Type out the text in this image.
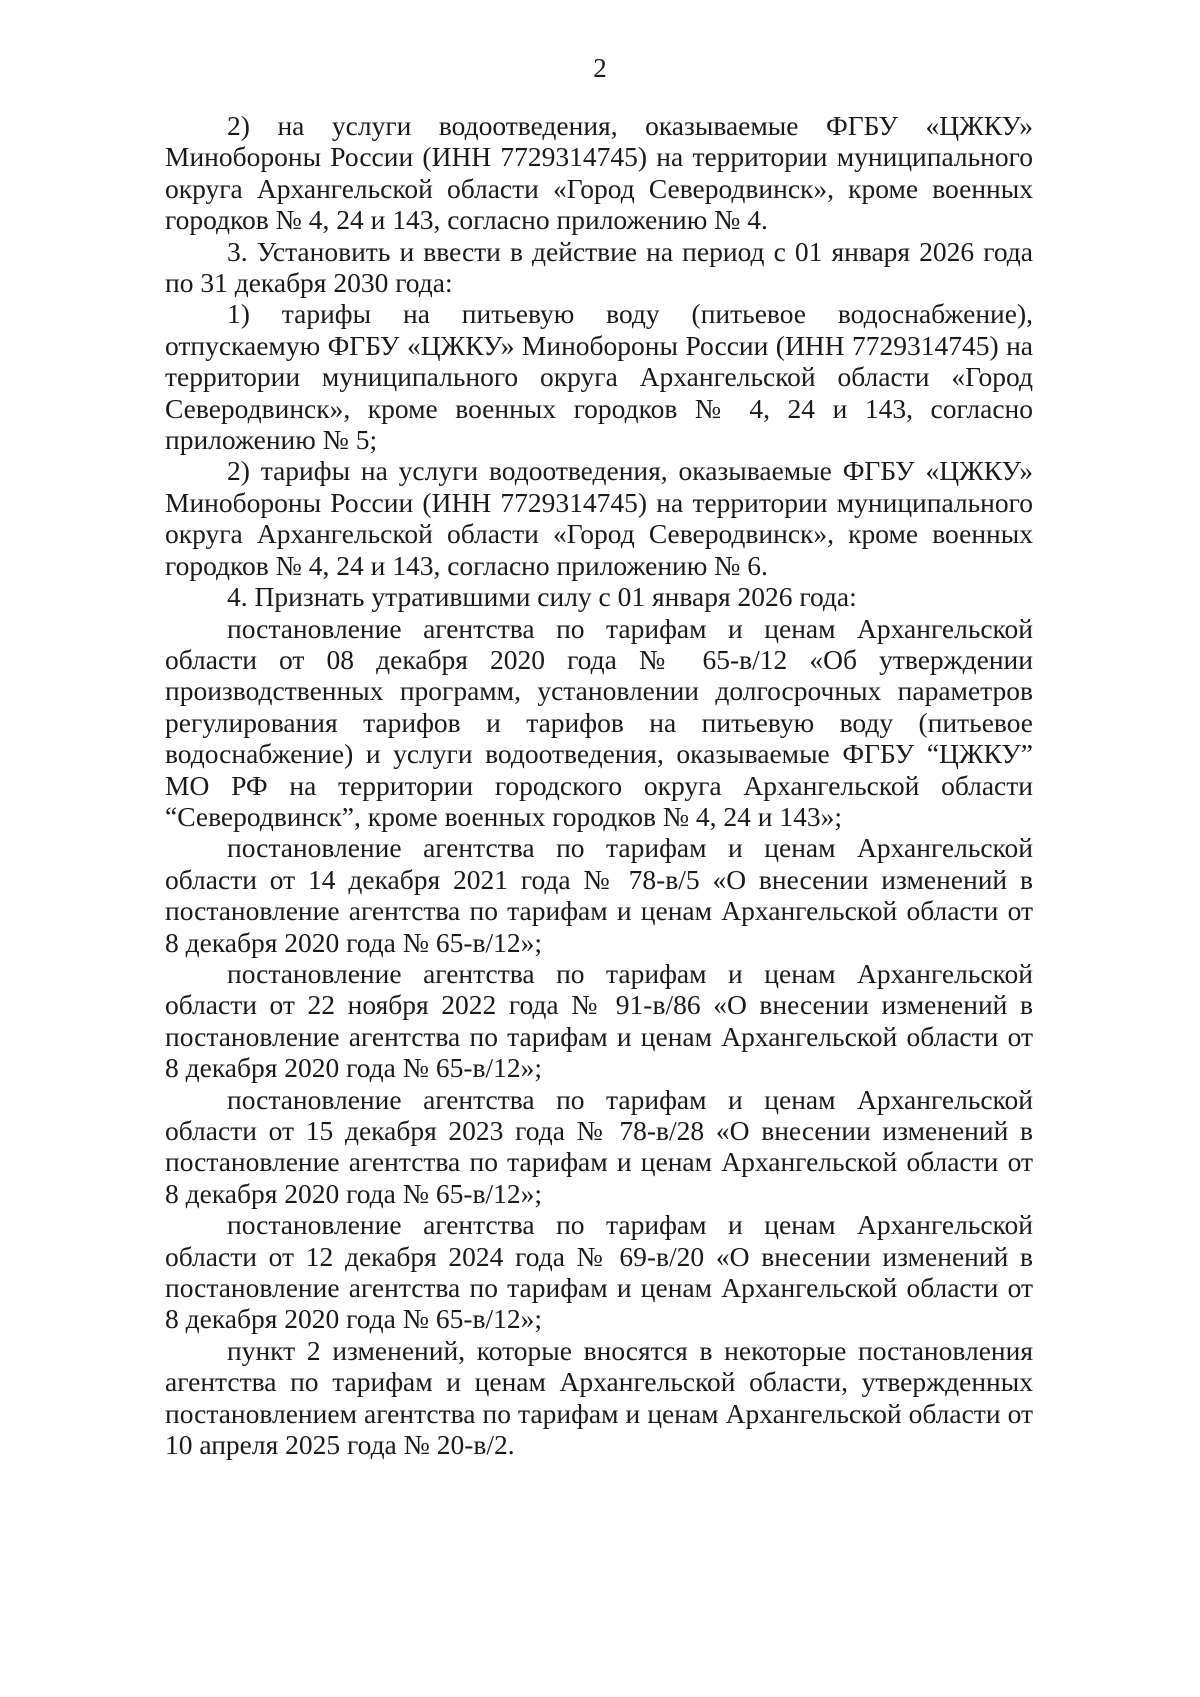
2

2) на услуги водоотведения, оказываемые ФГБУ «ЦЖКУ» Минобороны России (ИНН 7729314745) на территории муниципального округа Архангельской области «Город Северодвинск», кроме военных городков № 4, 24 и 143, согласно приложению № 4.

3. Установить и ввести в действие на период с 01 января 2026 года по 31 декабря 2030 года:

1) тарифы на питьевую воду (питьевое водоснабжение), отпускаемую ФГБУ «ЦЖКУ» Минобороны России (ИНН 7729314745) на территории муниципального округа Архангельской области «Город Северодвинск», кроме военных городков № 4, 24 и 143, согласно приложению № 5;

2) тарифы на услуги водоотведения, оказываемые ФГБУ «ЦЖКУ» Минобороны России (ИНН 7729314745) на территории муниципального округа Архангельской области «Город Северодвинск», кроме военных городков № 4, 24 и 143, согласно приложению № 6.

4. Признать утратившими силу с 01 января 2026 года:

постановление агентства по тарифам и ценам Архангельской области от 08 декабря 2020 года № 65-в/12 «Об утверждении производственных программ, установлении долгосрочных параметров регулирования тарифов и тарифов на питьевую воду (питьевое водоснабжение) и услуги водоотведения, оказываемые ФГБУ “ЦЖКУ” МО РФ на территории городского округа Архангельской области “Северодвинск”, кроме военных городков № 4, 24 и 143»;

постановление агентства по тарифам и ценам Архангельской области от 14 декабря 2021 года № 78-в/5 «О внесении изменений в постановление агентства по тарифам и ценам Архангельской области от 8 декабря 2020 года № 65-в/12»;

постановление агентства по тарифам и ценам Архангельской области от 22 ноября 2022 года № 91-в/86 «О внесении изменений в постановление агентства по тарифам и ценам Архангельской области от 8 декабря 2020 года № 65-в/12»;

постановление агентства по тарифам и ценам Архангельской области от 15 декабря 2023 года № 78-в/28 «О внесении изменений в постановление агентства по тарифам и ценам Архангельской области от 8 декабря 2020 года № 65-в/12»;

постановление агентства по тарифам и ценам Архангельской области от 12 декабря 2024 года № 69-в/20 «О внесении изменений в постановление агентства по тарифам и ценам Архангельской области от 8 декабря 2020 года № 65-в/12»;

пункт 2 изменений, которые вносятся в некоторые постановления агентства по тарифам и ценам Архангельской области, утвержденных постановлением агентства по тарифам и ценам Архангельской области от 10 апреля 2025 года № 20-в/2.
